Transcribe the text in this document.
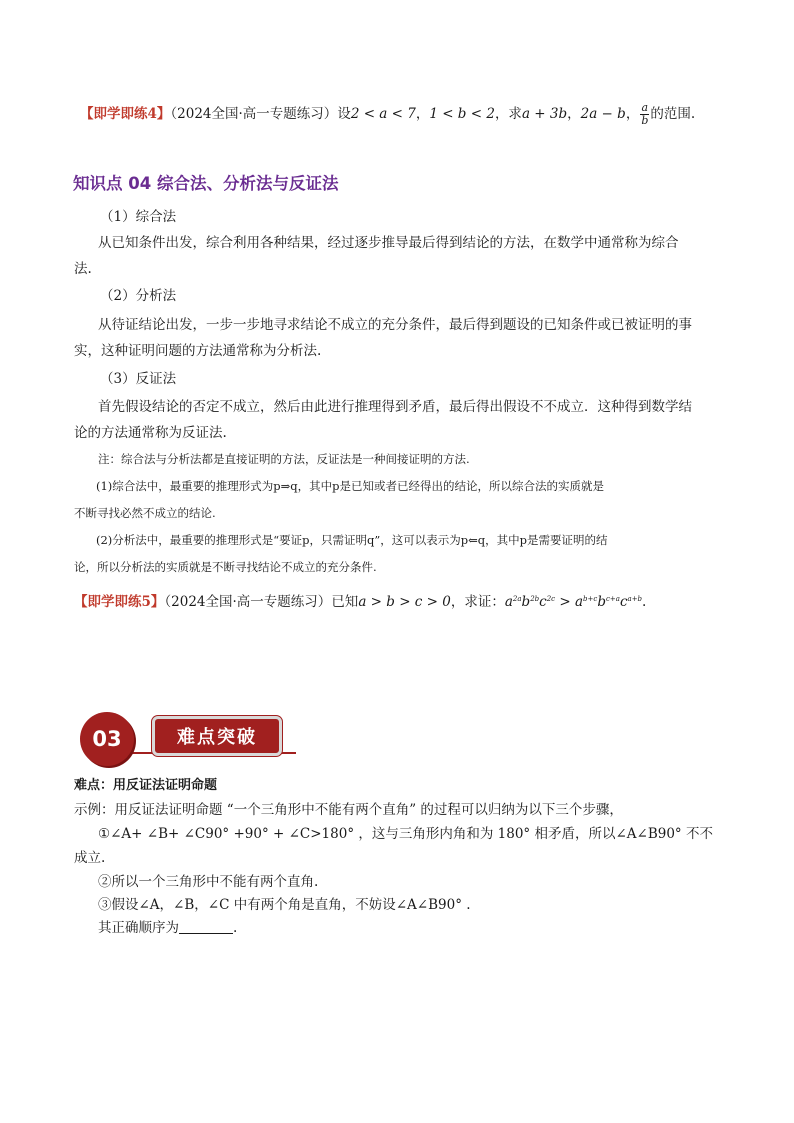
【即学即练4】（2024全国·高一专题练习）设2 < a < 7，1 < b < 2，求a + 3b，2a − b， $\frac{a}{b}$ 的范围.
知识点 04 综合法、分析法与反证法
（1）综合法
从已知条件出发，综合利用各种结果，经过逐步推导最后得到结论的方法，在数学中通常称为综合
法.
（2）分析法
从待证结论出发，一步一步地寻求结论不成立的充分条件，最后得到题设的已知条件或已被证明的事
实，这种证明问题的方法通常称为分析法.
（3）反证法
首先假设结论的否定不成立，然后由此进行推理得到矛盾，最后得出假设不不成立．这种得到数学结
论的方法通常称为反证法.
注：综合法与分析法都是直接证明的方法，反证法是一种间接证明的方法.
(1)综合法中，最重要的推理形式为p⇒q，其中p是已知或者已经得出的结论，所以综合法的实质就是
不断寻找必然不成立的结论.
(2)分析法中，最重要的推理形式是“要证p，只需证明q”，这可以表示为p⇐q，其中p是需要证明的结
论，所以分析法的实质就是不断寻找结论不成立的充分条件.
【即学即练5】（2024全国·高一专题练习）已知a > b > c > 0，求证：$a^{2a}b^{2b}c^{2c} > a^{b+c}b^{c+a}c^{a+b}$.
03	难点突破
难点：用反证法证明命题
示例：用反证法证明命题 “一个三角形中不能有两个直角” 的过程可以归纳为以下三个步骤，
①∠A+ ∠B+ ∠C90° +90° + ∠C>180° ，这与三角形内角和为 180° 相矛盾，所以∠A∠B90° 不不
成立.
②所以一个三角形中不能有两个直角.
③假设∠A，∠B，∠C 中有两个角是直角，不妨设∠A∠B90° .
其正确顺序为	.
